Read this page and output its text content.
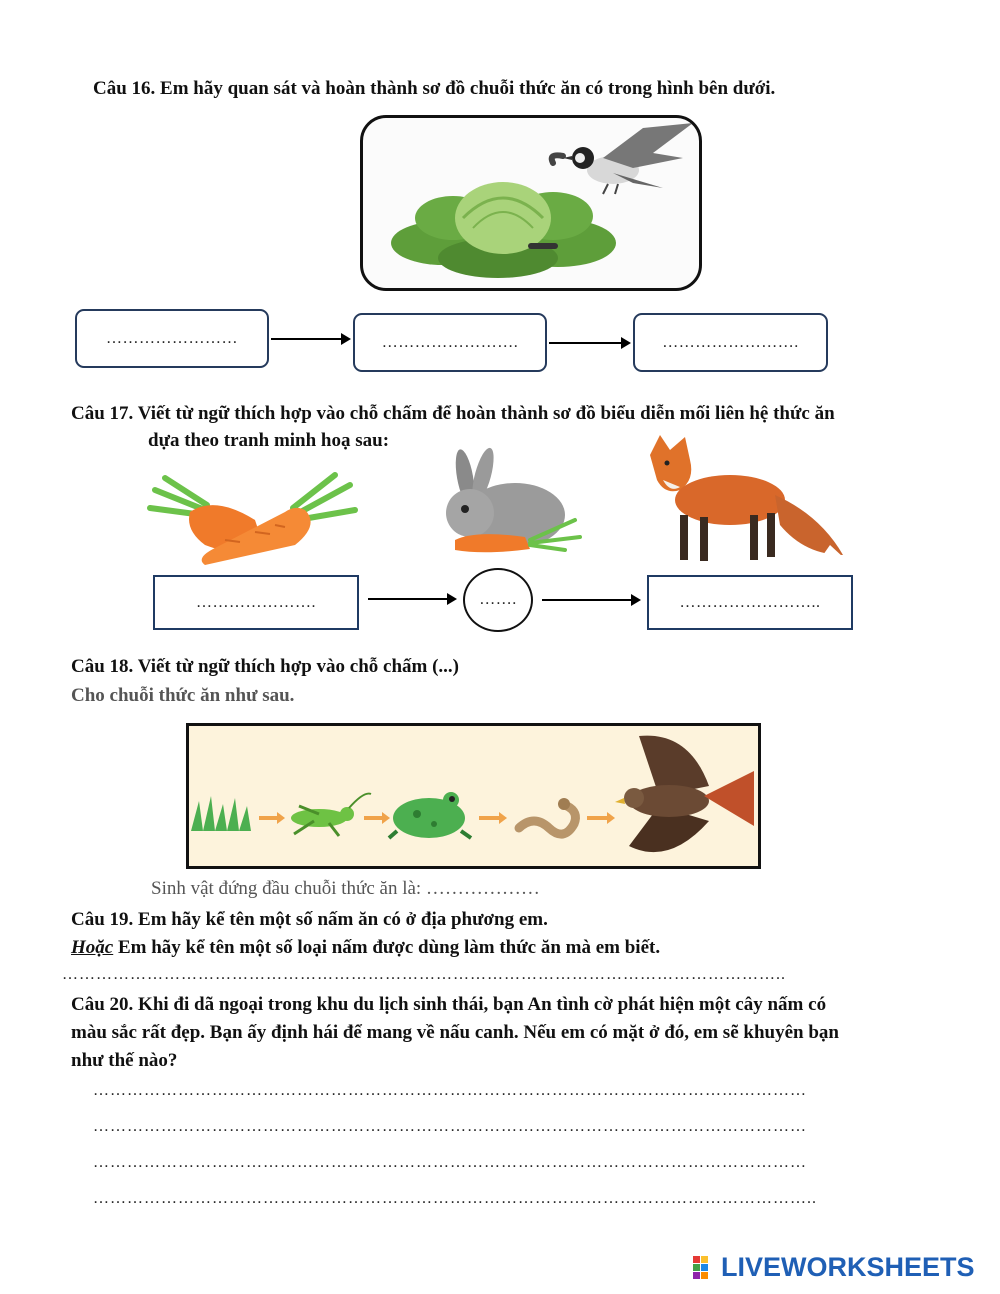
Câu 16. Em hãy quan sát và hoàn thành sơ đồ chuỗi thức ăn có trong hình bên dưới.
……………………	…………………….	…………………….
Câu 17. Viết từ ngữ thích hợp vào chỗ chấm để hoàn thành sơ đồ biểu diễn mối liên hệ thức ăn
dựa theo tranh minh hoạ sau:
………………….	…….	……………………..
Câu 18. Viết từ ngữ thích hợp vào chỗ chấm (...)
Cho chuỗi thức ăn như sau.
Sinh vật đứng đầu chuỗi thức ăn là: ………………
Câu 19. Em hãy kể tên một số nấm ăn có ở địa phương em.
Hoặc Em hãy kể tên một số loại nấm được dùng làm thức ăn mà em biết.
………………………………………………………………………………………………………………..
Câu 20. Khi đi dã ngoại trong khu du lịch sinh thái, bạn An tình cờ phát hiện một cây nấm có
màu sắc rất đẹp. Bạn ấy định hái để mang về nấu canh. Nếu em có mặt ở đó, em sẽ khuyên bạn
như thế nào?
………………………………………………………………………………………………………………
………………………………………………………………………………………………………………
………………………………………………………………………………………………………………
………………………………………………………………………………………………………………..
LIVEWORKSHEETS
